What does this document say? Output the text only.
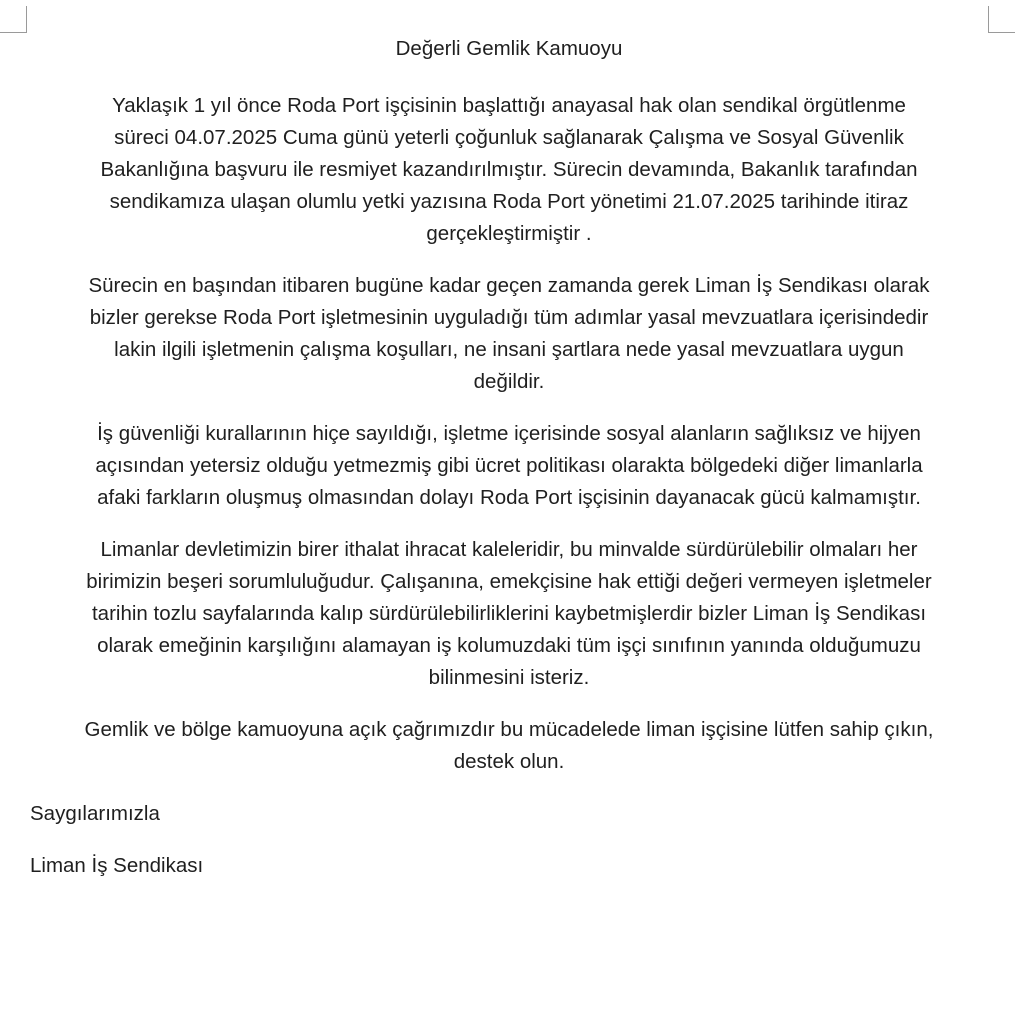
Değerli Gemlik Kamuoyu
Yaklaşık 1 yıl önce Roda Port işçisinin başlattığı anayasal hak olan sendikal örgütlenme
süreci 04.07.2025 Cuma günü yeterli çoğunluk sağlanarak Çalışma ve Sosyal Güvenlik
Bakanlığına başvuru ile resmiyet kazandırılmıştır. Sürecin devamında, Bakanlık tarafından
sendikamıza ulaşan olumlu yetki yazısına Roda Port yönetimi 21.07.2025 tarihinde itiraz
gerçekleştirmiştir .
Sürecin en başından itibaren bugüne kadar geçen zamanda gerek Liman İş Sendikası olarak
bizler gerekse Roda Port işletmesinin uyguladığı tüm adımlar yasal mevzuatlara içerisindedir
lakin ilgili işletmenin çalışma koşulları, ne insani şartlara nede yasal mevzuatlara uygun
değildir.
İş güvenliği kurallarının hiçe sayıldığı, işletme içerisinde sosyal alanların sağlıksız ve hijyen
açısından yetersiz olduğu yetmezmiş gibi ücret politikası olarakta bölgedeki diğer limanlarla
afaki farkların oluşmuş olmasından dolayı Roda Port işçisinin dayanacak gücü kalmamıştır.
Limanlar devletimizin birer ithalat ihracat kaleleridir, bu minvalde sürdürülebilir olmaları her
birimizin beşeri sorumluluğudur. Çalışanına, emekçisine hak ettiği değeri vermeyen işletmeler
tarihin tozlu sayfalarında kalıp sürdürülebilirliklerini kaybetmişlerdir bizler Liman İş Sendikası
olarak emeğinin karşılığını alamayan iş kolumuzdaki tüm işçi sınıfının yanında olduğumuzu
bilinmesini isteriz.
Gemlik ve bölge kamuoyuna açık çağrımızdır bu mücadelede liman işçisine lütfen sahip çıkın,
destek olun.
Saygılarımızla
Liman İş Sendikası
